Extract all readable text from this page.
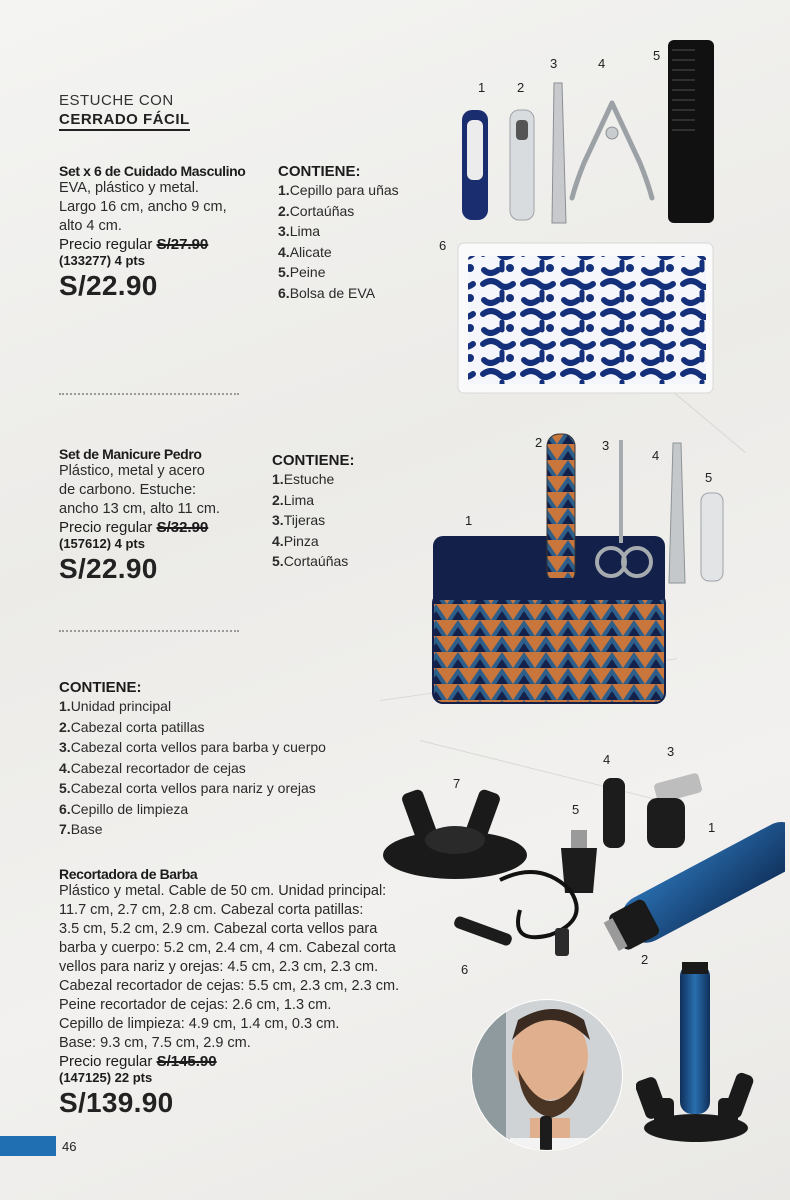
ESTUCHE CON
CERRADO FÁCIL
Set x 6 de Cuidado Masculino
EVA, plástico y metal.
Largo 16 cm, ancho 9 cm,
alto 4 cm.
Precio regular S/27.90
(133277) 4 pts
S/22.90
CONTIENE:
1.Cepillo para uñas
2.Cortaúñas
3.Lima
4.Alicate
5.Peine
6.Bolsa de EVA
1 2
3	4
5
6
Set de Manicure Pedro
Plástico, metal y acero
de carbono. Estuche:
ancho 13 cm, alto 11 cm.
Precio regular S/32.90
(157612) 4 pts
S/22.90
CONTIENE:
1.Estuche
2.Lima
3.Tijeras
4.Pinza
5.Cortaúñas
1
2	3
4
5
CONTIENE:
1.Unidad principal
2.Cabezal corta patillas
3.Cabezal corta vellos para barba y cuerpo
4.Cabezal recortador de cejas
5.Cabezal corta vellos para nariz y orejas
6.Cepillo de limpieza
7.Base
Recortadora de Barba
Plástico y metal. Cable de 50 cm. Unidad principal:
11.7 cm, 2.7 cm, 2.8 cm. Cabezal corta patillas:
3.5 cm, 5.2 cm, 2.9 cm. Cabezal corta vellos para
barba y cuerpo: 5.2 cm, 2.4 cm, 4 cm. Cabezal corta
vellos para nariz y orejas: 4.5 cm, 2.3 cm, 2.3 cm.
Cabezal recortador de cejas: 5.5 cm, 2.3 cm, 2.3 cm.
Peine recortador de cejas: 2.6 cm, 1.3 cm.
Cepillo de limpieza: 4.9 cm, 1.4 cm, 0.3 cm.
Base: 9.3 cm, 7.5 cm, 2.9 cm.
Precio regular S/145.90
(147125) 22 pts
S/139.90
7
4
3
5
1
6
2
46
